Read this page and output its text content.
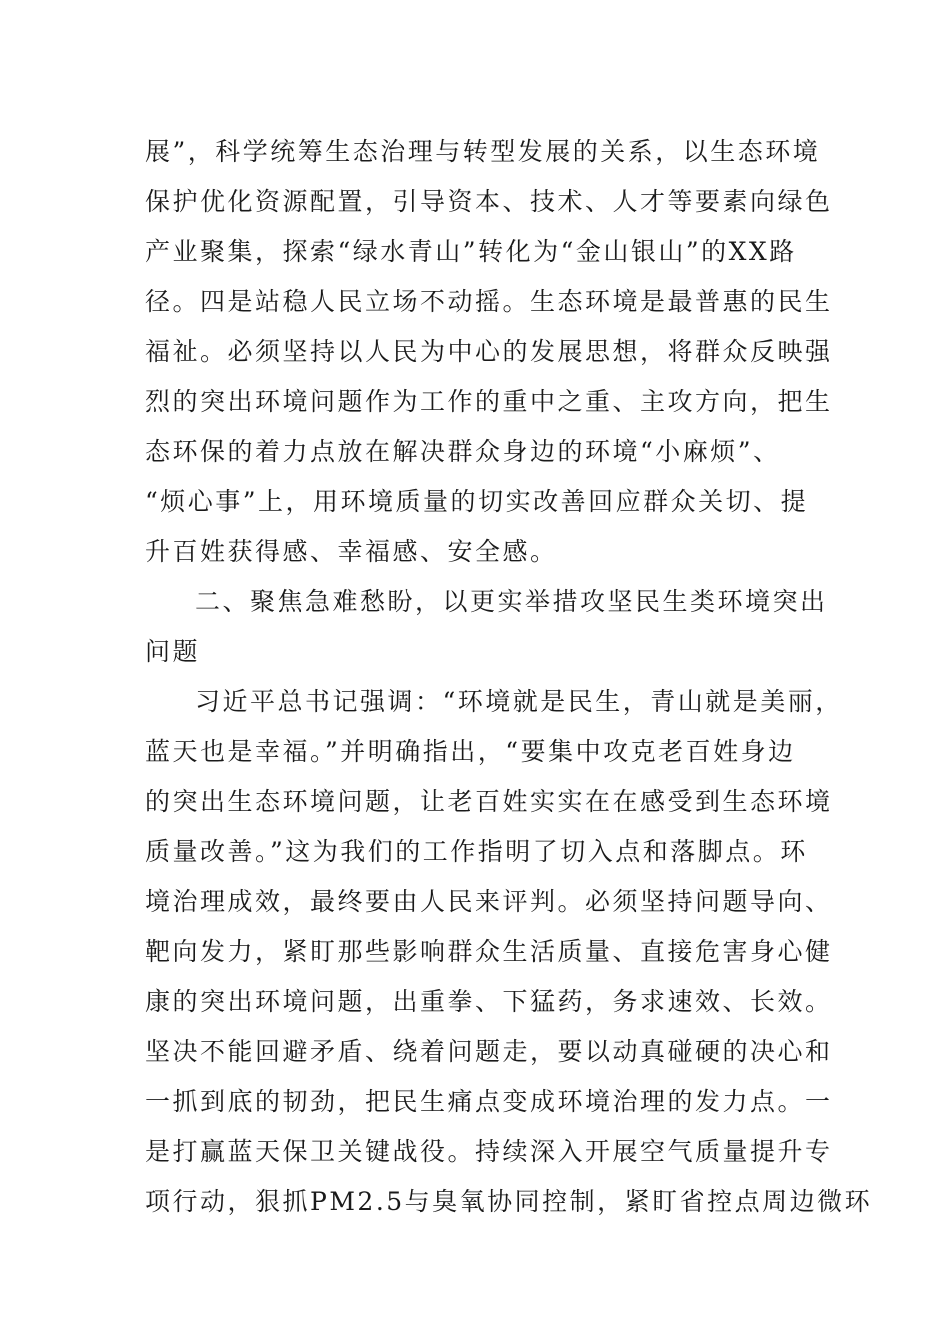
展”，科学统筹生态治理与转型发展的关系，以生态环境
保护优化资源配置，引导资本、技术、人才等要素向绿色
产业聚集，探索“绿水青山”转化为“金山银山”的XX路
径。四是站稳人民立场不动摇。生态环境是最普惠的民生
福祉。必须坚持以人民为中心的发展思想，将群众反映强
烈的突出环境问题作为工作的重中之重、主攻方向，把生
态环保的着力点放在解决群众身边的环境“小麻烦”、
“烦心事”上，用环境质量的切实改善回应群众关切、提
升百姓获得感、幸福感、安全感。
二、聚焦急难愁盼，以更实举措攻坚民生类环境突出
问题
习近平总书记强调：“环境就是民生，青山就是美丽，
蓝天也是幸福。”并明确指出，“要集中攻克老百姓身边
的突出生态环境问题，让老百姓实实在在感受到生态环境
质量改善。”这为我们的工作指明了切入点和落脚点。环
境治理成效，最终要由人民来评判。必须坚持问题导向、
靶向发力，紧盯那些影响群众生活质量、直接危害身心健
康的突出环境问题，出重拳、下猛药，务求速效、长效。
坚决不能回避矛盾、绕着问题走，要以动真碰硬的决心和
一抓到底的韧劲，把民生痛点变成环境治理的发力点。一
是打赢蓝天保卫关键战役。持续深入开展空气质量提升专
项行动，狠抓PM2.5与臭氧协同控制，紧盯省控点周边微环
